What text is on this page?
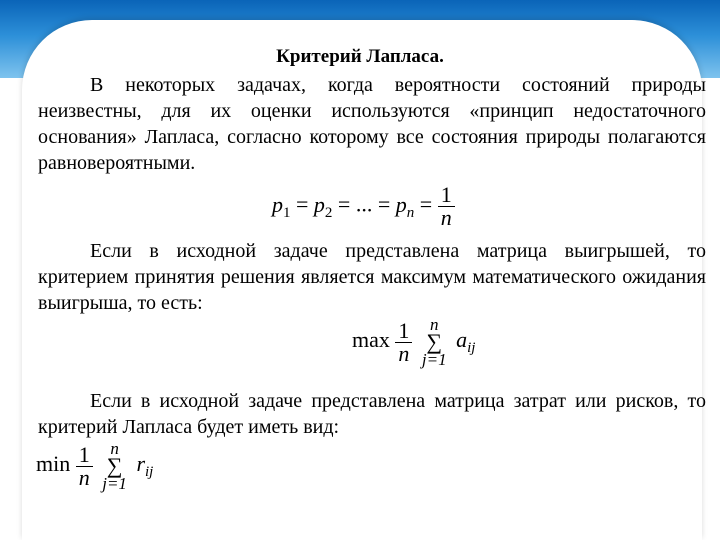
Критерий Лапласа.
В некоторых задачах, когда вероятности состояний природы неизвестны, для их оценки используются «принцип недостаточного основания» Лапласа, согласно которому все состояния природы полагаются равновероятными.
$p_1 = p_2$ = ... = $p_n = \frac{1}{n}$
Если в исходной задаче представлена матрица выигрышей, то критерием принятия решения является максимум математического ожидания выигрыша, то есть:
$\max \frac{1}{n}$
	n
∑
j=1
$a_{ij}$
Если в исходной задаче представлена матрица затрат или рисков, то критерий Лапласа будет иметь вид:
$\min \frac{1}{n}$
	n
∑
j=1
$r_{ij}$
